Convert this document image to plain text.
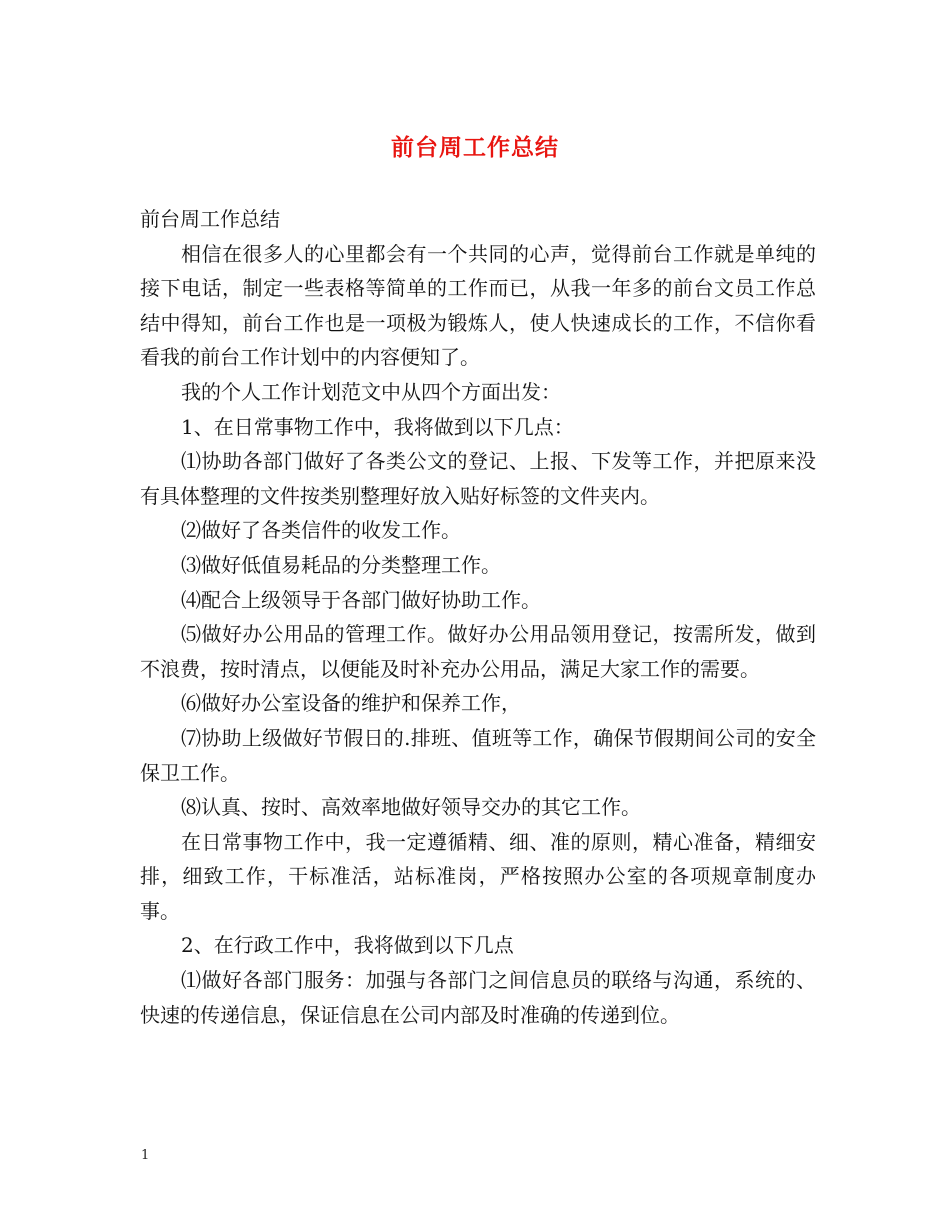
前台周工作总结

前台周工作总结

相信在很多人的心里都会有一个共同的心声，觉得前台工作就是单纯的接下电话，制定一些表格等简单的工作而已，从我一年多的前台文员工作总结中得知，前台工作也是一项极为锻炼人，使人快速成长的工作，不信你看看我的前台工作计划中的内容便知了。

我的个人工作计划范文中从四个方面出发：

1、在日常事物工作中，我将做到以下几点：

⑴协助各部门做好了各类公文的登记、上报、下发等工作，并把原来没有具体整理的文件按类别整理好放入贴好标签的文件夹内。

⑵做好了各类信件的收发工作。

⑶做好低值易耗品的分类整理工作。

⑷配合上级领导于各部门做好协助工作。

⑸做好办公用品的管理工作。做好办公用品领用登记，按需所发，做到不浪费，按时清点，以便能及时补充办公用品，满足大家工作的需要。

⑹做好办公室设备的维护和保养工作，

⑺协助上级做好节假日的.排班、值班等工作，确保节假期间公司的安全保卫工作。

⑻认真、按时、高效率地做好领导交办的其它工作。

在日常事物工作中，我一定遵循精、细、准的原则，精心准备，精细安排，细致工作，干标准活，站标准岗，严格按照办公室的各项规章制度办事。

2、在行政工作中，我将做到以下几点

⑴做好各部门服务：加强与各部门之间信息员的联络与沟通，系统的、快速的传递信息，保证信息在公司内部及时准确的传递到位。

1
